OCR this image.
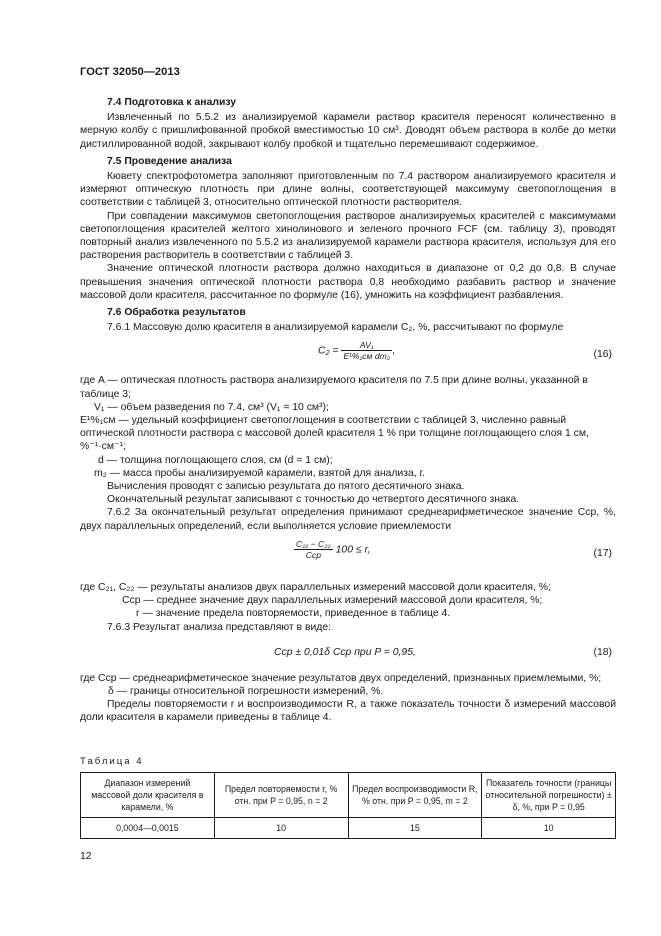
ГОСТ 32050—2013
7.4 Подготовка к анализу

Извлеченный по 5.5.2 из анализируемой карамели раствор красителя переносят количественно в мерную колбу с пришлифованной пробкой вместимостью 10 см³. Доводят объем раствора в колбе до метки дистиллированной водой, закрывают колбу пробкой и тщательно перемешивают содержимое.

7.5 Проведение анализа

Кювету спектрофотометра заполняют приготовленным по 7.4 раствором анализируемого красителя и измеряют оптическую плотность при длине волны, соответствующей максимуму светопоглощения в соответствии с таблицей 3, относительно оптической плотности растворителя.

При совпадении максимумов светопоглощения растворов анализируемых красителей с максимумами светопоглощения красителей желтого хинолинового и зеленого прочного FCF (см. таблицу 3), проводят повторный анализ извлеченного по 5.5.2 из анализируемой карамели раствора красителя, используя для его растворения растворитель в соответствии с таблицей 3.

Значение оптической плотности раствора должно находиться в диапазоне от 0,2 до 0,8. В случае превышения значения оптической плотности раствора 0,8 необходимо разбавить раствор и значение массовой доли красителя, рассчитанное по формуле (16), умножить на коэффициент разбавления.

7.6 Обработка результатов

7.6.1 Массовую долю красителя в анализируемой карамели C₂, %, рассчитывают по формуле

$C_2 = \frac{\text{AV₁}}{\text{E¹\%₁см dm₂}}$ ,	(16)
где A — оптическая плотность раствора анализируемого красителя по 7.5 при длине волны, указанной в таблице 3;
V₁ — объем разведения по 7.4, см³ (V₁ = 10 см³);
E¹%₁см — удельный коэффициент светопоглощения в соответствии с таблицей 3, численно равный оптической плотности раствора с массовой долей красителя 1 % при толщине поглощающего слоя 1 см, %⁻¹·см⁻¹;
d — толщина поглощающего слоя, см (d = 1 см);
m₂ — масса пробы анализируемой карамели, взятой для анализа, г.

Вычисления проводят с записью результата до пятого десятичного знака.

Окончательный результат записывают с точностью до четвертого десятичного знака.

7.6.2 За окончательный результат определения принимают среднеарифметическое значение Cср, %, двух параллельных определений, если выполняется условие приемлемости

$\frac{\text{C₂₁ − C₂₂}}{\text{Cср}} 100 \le r$,	(17)
где C₂₁, C₂₂ — результаты анализов двух параллельных измерений массовой доли красителя, %;
Cср — среднее значение двух параллельных измерений массовой доли красителя, %;
r — значение предела повторяемости, приведенное в таблице 4.

7.6.3 Результат анализа представляют в виде:

Cср ± 0,01δ Cср при P = 0,95,	(18)
где Cср — среднеарифметическое значение результатов двух определений, признанных приемлемыми, %;
δ — границы относительной погрешности измерений, %.

Пределы повторяемости r и воспроизводимости R, а также показатель точности δ измерений массовой доли красителя в карамели приведены в таблице 4.

Таблица 4
Диапазон измерений массовой доли красителя в карамели, %	Предел повторяемости r, % отн. при P = 0,95, n = 2	Предел воспроизводимости R, % отн. при P = 0,95, m = 2	Показатель точности (границы относительной погрешности) ± δ, %, при P = 0,95
0,0004—0,0015	10	15	10
12
